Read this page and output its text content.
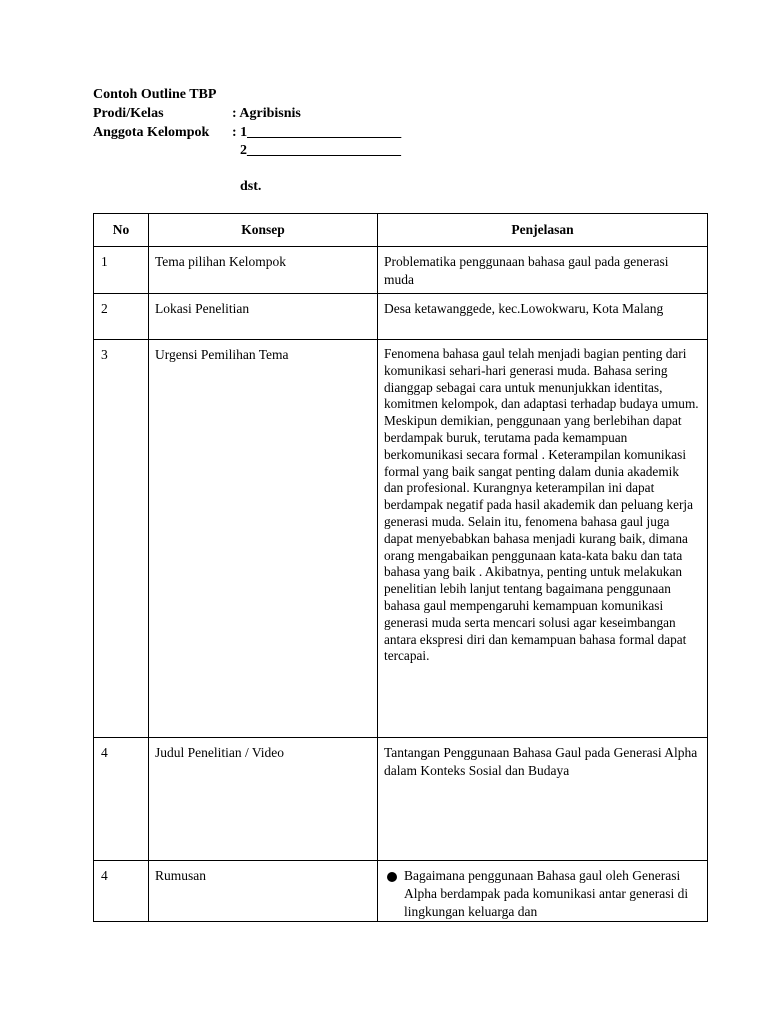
Contoh Outline TBP
Prodi/Kelas	: Agribisnis
Anggota Kelompok : 1______________________
2______________________
dst.
No	Konsep	Penjelasan
1	Tema pilihan Kelompok	Problematika penggunaan bahasa gaul pada generasi muda
2	Lokasi Penelitian	Desa ketawanggede, kec.Lowokwaru, Kota Malang
3	Urgensi Pemilihan Tema	Fenomena bahasa gaul telah menjadi bagian penting dari komunikasi sehari-hari generasi muda. Bahasa sering dianggap sebagai cara untuk menunjukkan identitas, komitmen kelompok, dan adaptasi terhadap budaya umum. Meskipun demikian, penggunaan yang berlebihan dapat berdampak buruk, terutama pada kemampuan berkomunikasi secara formal . Keterampilan komunikasi formal yang baik sangat penting dalam dunia akademik dan profesional. Kurangnya keterampilan ini dapat berdampak negatif pada hasil akademik dan peluang kerja generasi muda. Selain itu, fenomena bahasa gaul juga dapat menyebabkan bahasa menjadi kurang baik, dimana orang mengabaikan penggunaan kata-kata baku dan tata bahasa yang baik . Akibatnya, penting untuk melakukan penelitian lebih lanjut tentang bagaimana penggunaan bahasa gaul mempengaruhi kemampuan komunikasi generasi muda serta mencari solusi agar keseimbangan antara ekspresi diri dan kemampuan bahasa formal dapat tercapai.
4	Judul Penelitian / Video	Tantangan Penggunaan Bahasa Gaul pada Generasi Alpha dalam Konteks Sosial dan Budaya
4	Rumusan	Bagaimana penggunaan Bahasa gaul oleh Generasi Alpha berdampak pada komunikasi antar generasi di lingkungan keluarga dan
